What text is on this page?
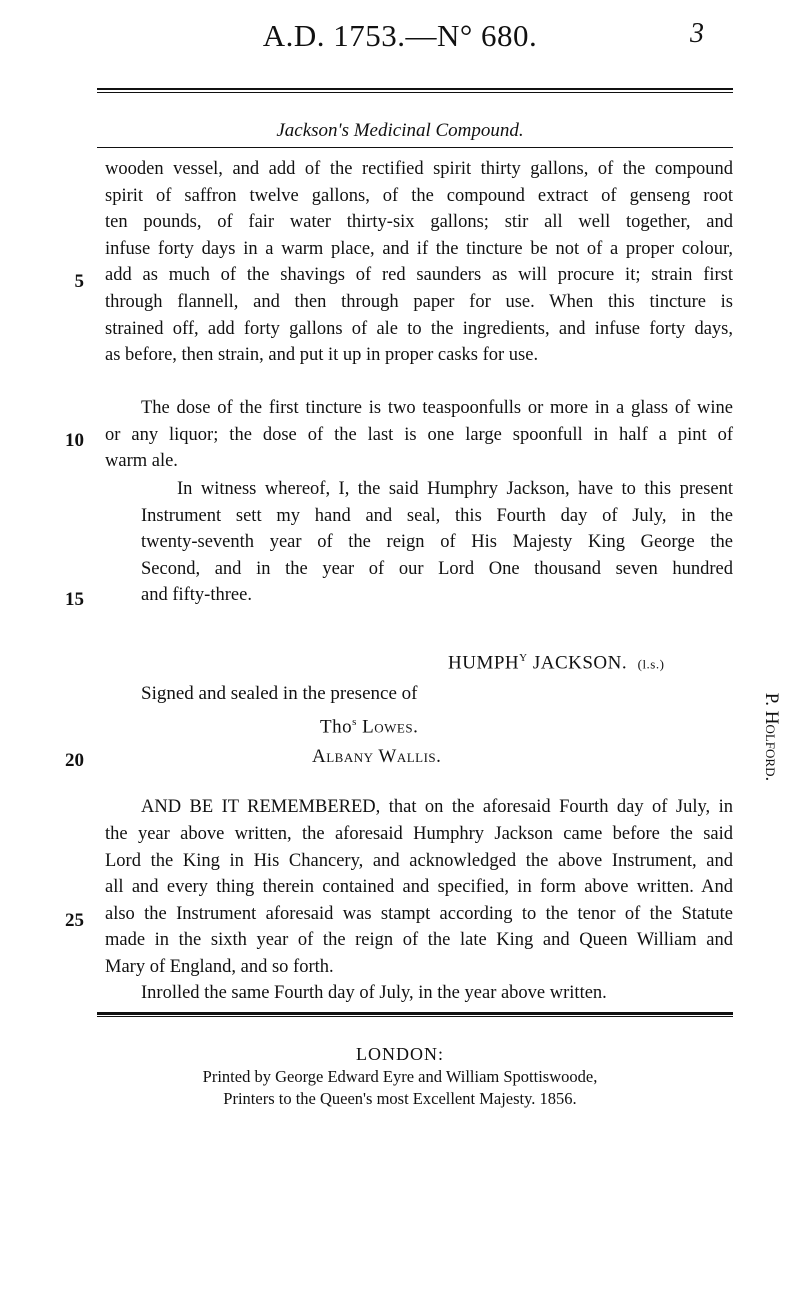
A.D. 1753.—N° 680.	3
Jackson's Medicinal Compound.
5
10
15
20
25
wooden vessel, and add of the rectified spirit thirty gallons, of the compound
spirit of saffron twelve gallons, of the compound extract of genseng root
ten pounds, of fair water thirty-six gallons; stir all well together, and
infuse forty days in a warm place, and if the tincture be not of a proper colour,
add as much of the shavings of red saunders as will procure it; strain first
through flannell, and then through paper for use. When this tincture is
strained off, add forty gallons of ale to the ingredients, and infuse forty days,
as before, then strain, and put it up in proper casks for use.
The dose of the first tincture is two teaspoonfulls or more in a glass of wine
or any liquor; the dose of the last is one large spoonfull in half a pint of
warm ale.
In witness whereof, I, the said Humphry Jackson, have to this present
Instrument sett my hand and seal, this Fourth day of July, in the
twenty-seventh year of the reign of His Majesty King George the
Second, and in the year of our Lord One thousand seven hundred
and fifty-three.
$HUMPH^Y$ JACKSON. (l.s.)
Signed and sealed in the presence of
Tho$^s$ Lowes.
Albany Wallis.
AND BE IT REMEMBERED, that on the aforesaid Fourth day of July, in
the year above written, the aforesaid Humphry Jackson came before the said
Lord the King in His Chancery, and acknowledged the above Instrument, and
all and every thing therein contained and specified, in form above written. And
also the Instrument aforesaid was stampt according to the tenor of the Statute
made in the sixth year of the reign of the late King and Queen William and
Mary of England, and so forth.
Inrolled the same Fourth day of July, in the year above written.
P. Holford.
LONDON:
Printed by George Edward Eyre and William Spottiswoode,
Printers to the Queen's most Excellent Majesty. 1856.
